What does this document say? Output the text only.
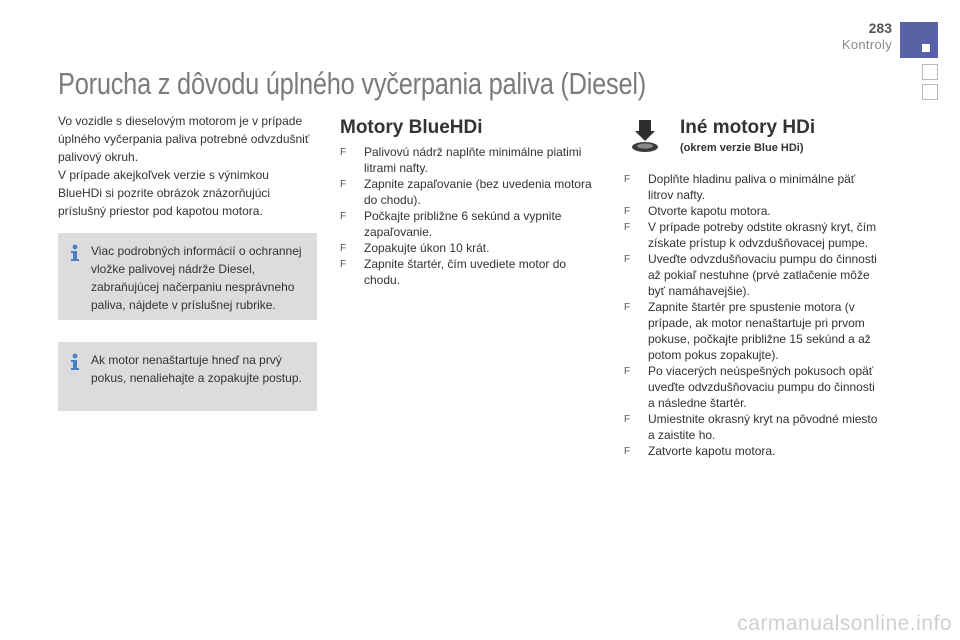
283
Kontroly
Porucha z dôvodu úplného vyčerpania paliva (Diesel)
Vo vozidle s dieselovým motorom je v prípade
úplného vyčerpania paliva potrebné odvzdušniť
palivový okruh.
V prípade akejkoľvek verzie s výnimkou
BlueHDi si pozrite obrázok znázorňujúci
príslušný priestor pod kapotou motora.
Viac podrobných informácií o ochrannej
vložke palivovej nádrže Diesel,
zabraňujúcej načerpaniu nesprávneho
paliva, nájdete v príslušnej rubrike.
Ak motor nenaštartuje hneď na prvý
pokus, nenaliehajte a zopakujte postup.
Motory BlueHDi
F Palivovú nádrž naplňte minimálne piatimi
litrami nafty.
F Zapnite zapaľovanie (bez uvedenia motora
do chodu).
F Počkajte približne 6 sekúnd a vypnite
zapaľovanie.
F Zopakujte úkon 10 krát.
F Zapnite štartér, čím uvediete motor do
chodu.
Iné motory HDi
(okrem verzie Blue HDi)
F Doplňte hladinu paliva o minimálne päť
litrov nafty.
F Otvorte kapotu motora.
F V prípade potreby odstite okrasný kryt, čím
získate prístup k odvzdušňovacej pumpe.
F Uveďte odvzdušňovaciu pumpu do činnosti
až pokiaľ nestuhne (prvé zatlačenie môže
byť namáhavejšie).
F Zapnite štartér pre spustenie motora (v
prípade, ak motor nenaštartuje pri prvom
pokuse, počkajte približne 15 sekúnd a až
potom pokus zopakujte).
F Po viacerých neúspešných pokusoch opäť
uveďte odvzdušňovaciu pumpu do činnosti
a následne štartér.
F Umiestnite okrasný kryt na pôvodné miesto
a zaistite ho.
F Zatvorte kapotu motora.
carmanualsonline.info
